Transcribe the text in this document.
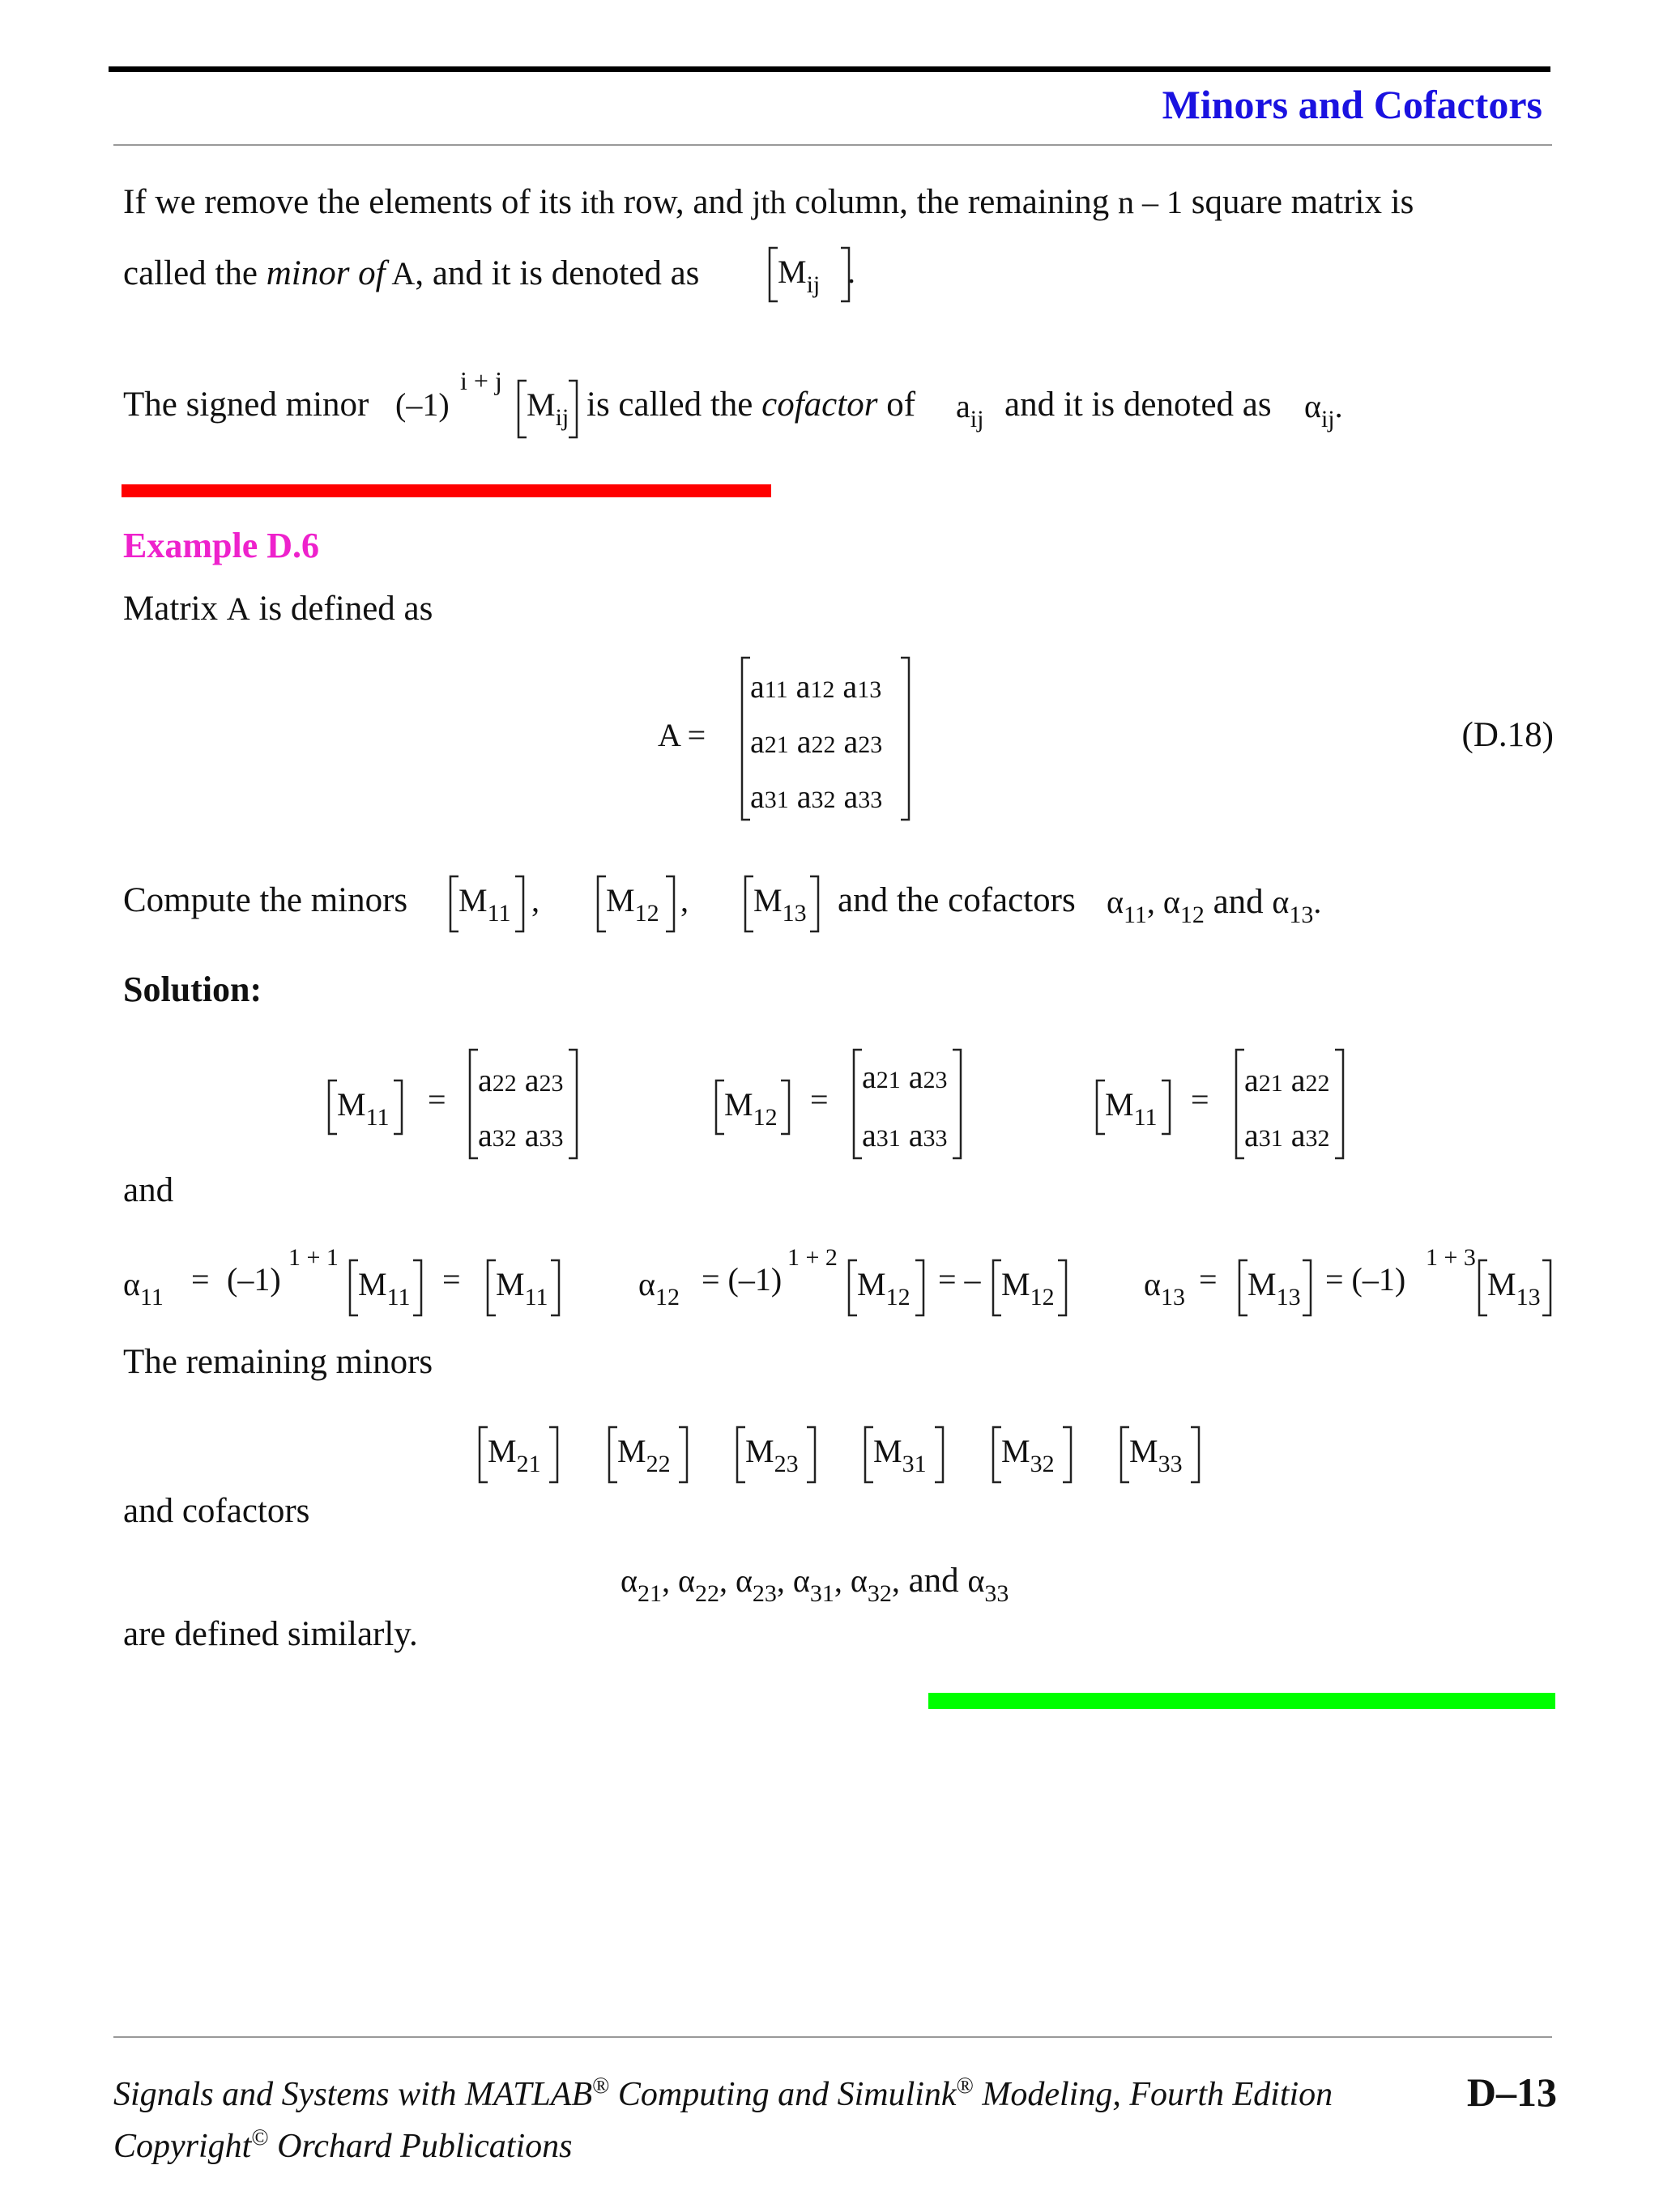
Minors and Cofactors
If we remove the elements of its ith row, and jth column, the remaining n – 1 square matrix is
called the minor of A, and it is denoted as $M_{ij}$ .
The signed minor (–1)
i + j
$M_{ij}$ is called the cofactor of $a_{ij}$ and it is denoted as $\alpha_{ij}$.
Example D.6
Matrix A is defined as
A =
a11 a12 a13
a21 a22 a23
a31 a32 a33
(D.18)
Compute the minors $M_{11}$ , $M_{12}$ , $M_{13}$ and the cofactors $\alpha_{11}$, $\alpha_{12}$ and $\alpha_{13}$.
Solution:
$M_{11}$ =
a22 a23
a32 a33
$M_{12}$ =
a21 a23
a31 a33
$M_{11}$ =
a21 a22
a31 a32
and
$\alpha_{11} = (-1)$
1 + 1
$M_{11} = M_{11}$	$\alpha_{12} = (-1)$
1 + 2
$M_{12}$ = – $M_{12}$	$\alpha_{13} = M_{13} = (-1)$
1 + 3
$M_{13}$
The remaining minors
$M_{21}$ $M_{22}$ $M_{23}$ $M_{31}$ $M_{32}$ $M_{33}$
and cofactors
$\alpha_{21}$, $\alpha_{22}$, $\alpha_{23}$, $\alpha_{31}$, $\alpha_{32}$, and $\alpha_{33}$
are defined similarly.
Signals and Systems with MATLAB® Computing and Simulink® Modeling, Fourth Edition
Copyright© Orchard Publications
D–13
